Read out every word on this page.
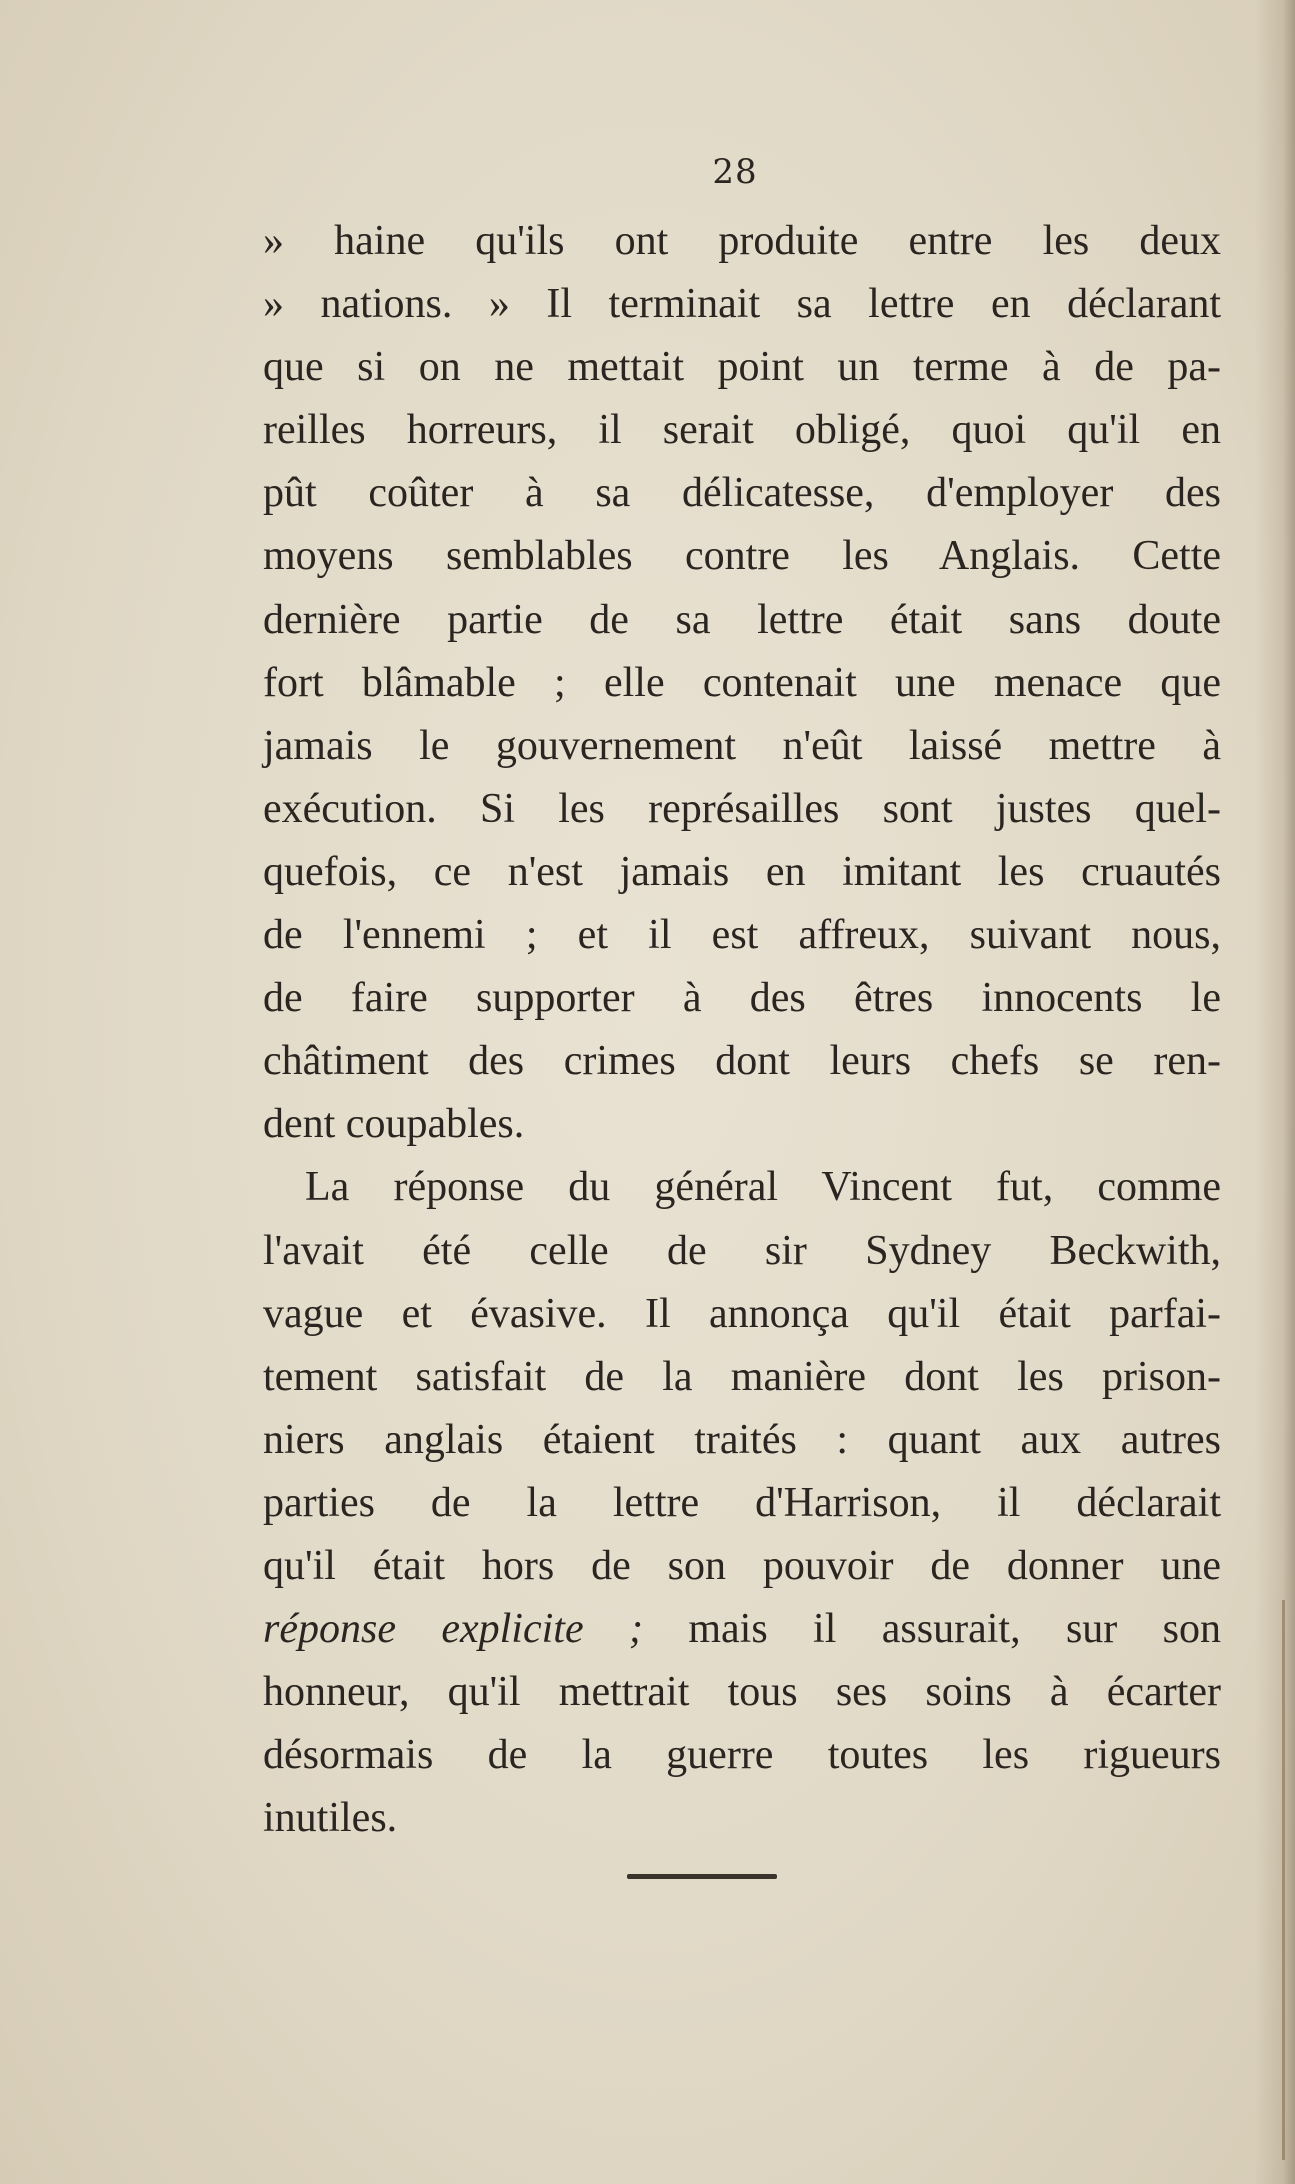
28
» haine qu'ils ont produite entre les deux
» nations. » Il terminait sa lettre en déclarant
que si on ne mettait point un terme à de pa-
reilles horreurs, il serait obligé, quoi qu'il en
pût coûter à sa délicatesse, d'employer des
moyens semblables contre les Anglais. Cette
dernière partie de sa lettre était sans doute
fort blâmable ; elle contenait une menace que
jamais le gouvernement n'eût laissé mettre à
exécution. Si les représailles sont justes quel-
quefois, ce n'est jamais en imitant les cruautés
de l'ennemi ; et il est affreux, suivant nous,
de faire supporter à des êtres innocents le
châtiment des crimes dont leurs chefs se ren-
dent coupables.
La réponse du général Vincent fut, comme
l'avait été celle de sir Sydney Beckwith,
vague et évasive. Il annonça qu'il était parfai-
tement satisfait de la manière dont les prison-
niers anglais étaient traités : quant aux autres
parties de la lettre d'Harrison, il déclarait
qu'il était hors de son pouvoir de donner une
réponse explicite ; mais il assurait, sur son
honneur, qu'il mettrait tous ses soins à écarter
désormais de la guerre toutes les rigueurs
inutiles.
